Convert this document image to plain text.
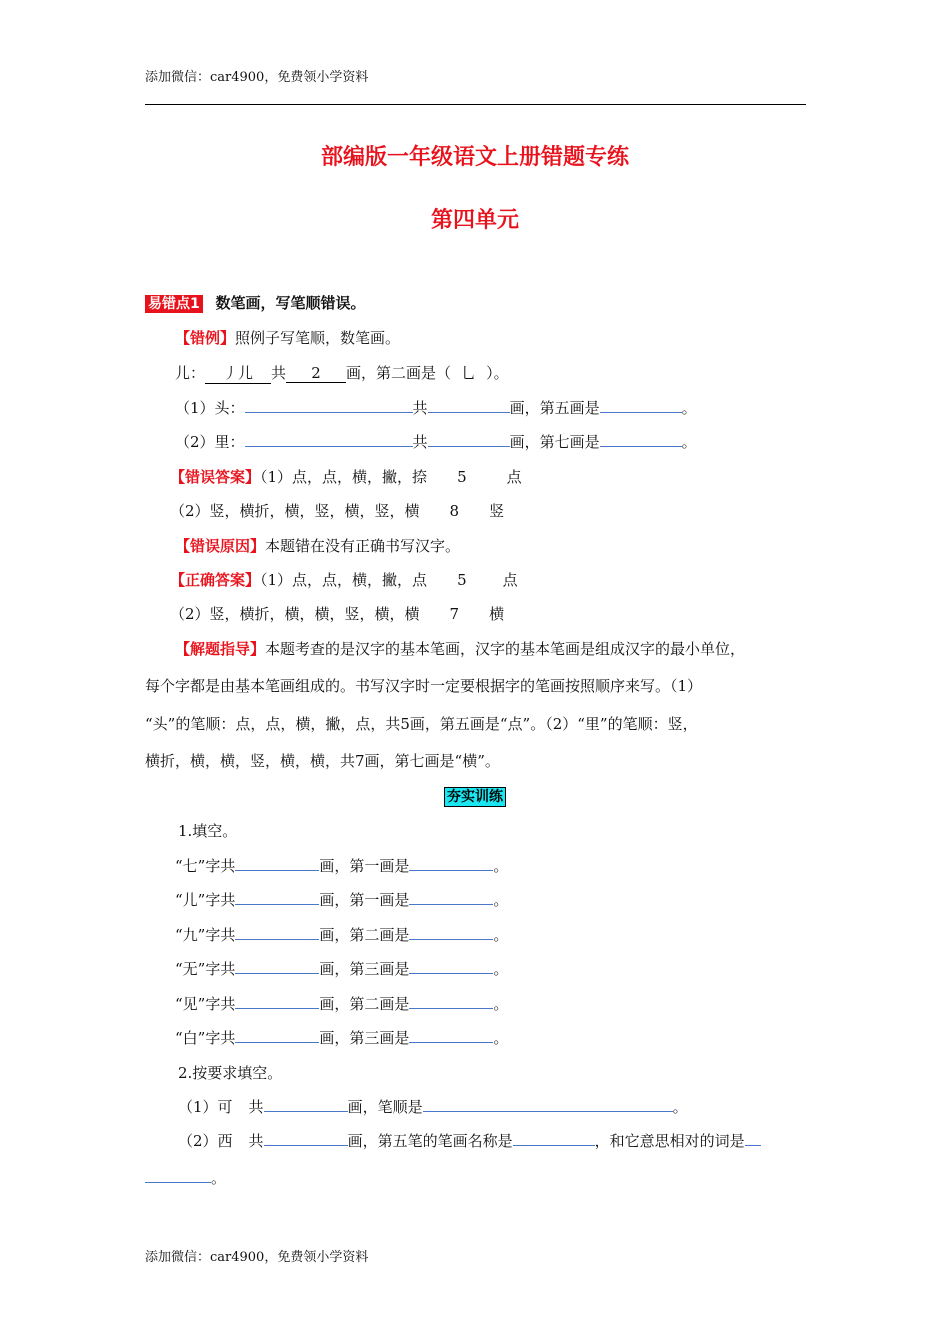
添加微信：car4900，免费领小学资料
部编版一年级语文上册错题专练
第四单元
易错点1 数笔画，写笔顺错误。
【错例】照例子写笔顺，数笔画。
儿： 丿儿 共 2 画，第二画是（ 乚 ）。
（1）头：	共	画，第五画是	。
（2）里：	共	画，第七画是	。
【错误答案】（1）点，点，横，撇，捺 5	点
（2）竖，横折，横，竖，横，竖，横 8 竖
【错误原因】本题错在没有正确书写汉字。
【正确答案】（1）点，点，横，撇，点 5 点
（2）竖，横折，横，横，竖，横，横 7 横
【解题指导】本题考查的是汉字的基本笔画，汉字的基本笔画是组成汉字的最小单位，
每个字都是由基本笔画组成的。书写汉字时一定要根据字的笔画按照顺序来写。（1）
“头”的笔顺：点，点，横，撇，点，共5画，第五画是“点”。（2）“里”的笔顺：竖，
横折，横，横，竖，横，横，共7画，第七画是“横”。
夯实训练
1.填空。
“七”字共	画，第一画是	。
“儿”字共	画，第一画是	。
“九”字共	画，第二画是	。
“无”字共	画，第三画是	。
“见”字共	画，第二画是	。
“白”字共	画，第三画是	。
2.按要求填空。
（1）可 共	画，笔顺是	。
（2）西 共	画，第五笔的笔画名称是	，和它意思相对的词是
。
添加微信：car4900，免费领小学资料
